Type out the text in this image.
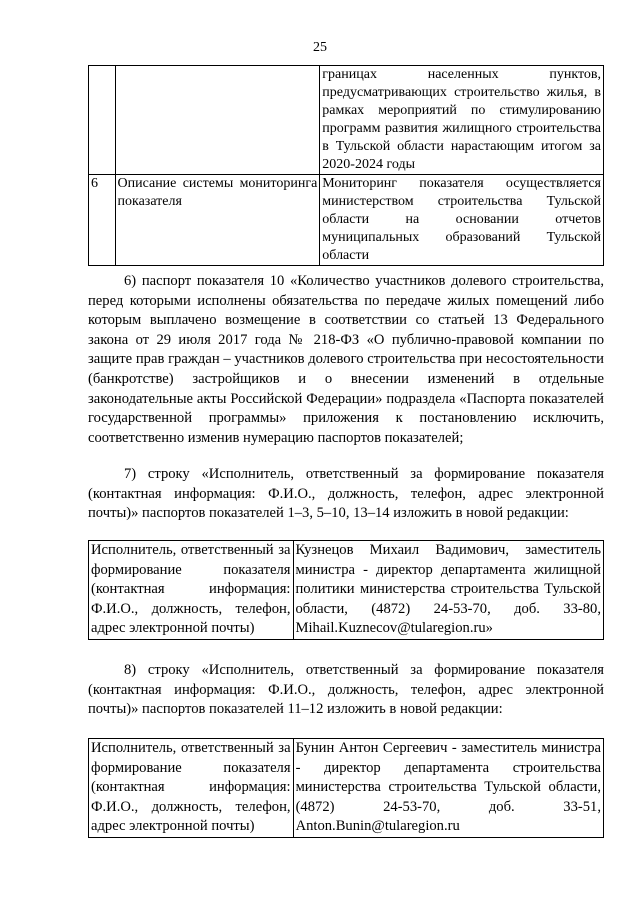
25
		границах населенных пунктов, предусматривающих строительство жилья, в рамках мероприятий по стимулированию программ развития жилищного строительства в Тульской области нарастающим итогом за 2020-2024 годы
6	Описание системы мониторинга показателя	Мониторинг показателя осуществляется министерством строительства Тульской области на основании отчетов муниципальных образований Тульской области
6) паспорт показателя 10 «Количество участников долевого строительства, перед которыми исполнены обязательства по передаче жилых помещений либо которым выплачено возмещение в соответствии со статьей 13 Федерального закона от 29 июля 2017 года № 218-ФЗ «О публично-правовой компании по защите прав граждан – участников долевого строительства при несостоятельности (банкротстве) застройщиков и о внесении изменений в отдельные законодательные акты Российской Федерации» подраздела «Паспорта показателей государственной программы» приложения к постановлению исключить, соответственно изменив нумерацию паспортов показателей;
7) строку «Исполнитель, ответственный за формирование показателя (контактная информация: Ф.И.О., должность, телефон, адрес электронной почты)» паспортов показателей 1–3, 5–10, 13–14 изложить в новой редакции:
Исполнитель, ответственный за формирование показателя (контактная информация: Ф.И.О., должность, телефон, адрес электронной почты)	Кузнецов Михаил Вадимович, заместитель министра - директор департамента жилищной политики министерства строительства Тульской области, (4872) 24-53-70, доб. 33-80, Mihail.Kuznecov@tularegion.ru»
8) строку «Исполнитель, ответственный за формирование показателя (контактная информация: Ф.И.О., должность, телефон, адрес электронной почты)» паспортов показателей 11–12 изложить в новой редакции:
Исполнитель, ответственный за формирование показателя (контактная информация: Ф.И.О., должность, телефон, адрес электронной почты)	Бунин Антон Сергеевич - заместитель министра - директор департамента строительства министерства строительства Тульской области, (4872) 24-53-70, доб. 33-51, Anton.Bunin@tularegion.ru
